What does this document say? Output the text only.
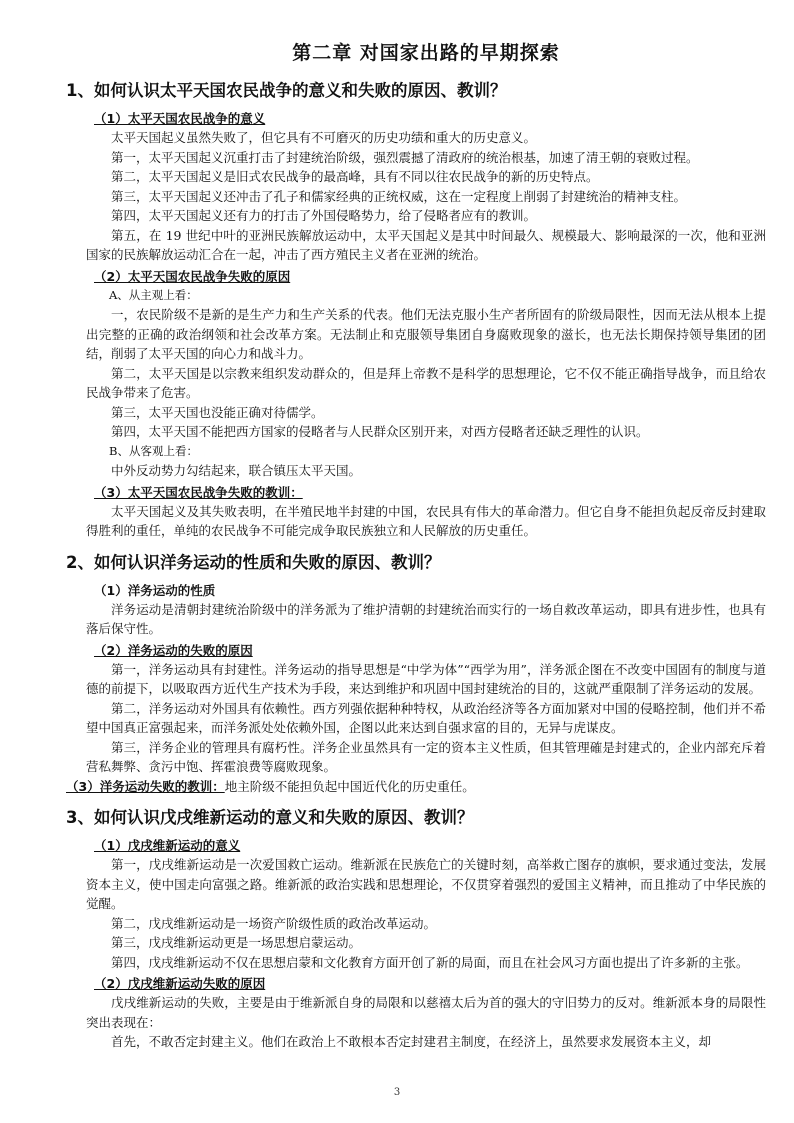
第二章 对国家出路的早期探索
1、如何认识太平天国农民战争的意义和失败的原因、教训？
（1）太平天国农民战争的意义

太平天国起义虽然失败了，但它具有不可磨灭的历史功绩和重大的历史意义。

第一，太平天国起义沉重打击了封建统治阶级，强烈震撼了清政府的统治根基，加速了清王朝的衰败过程。

第二，太平天国起义是旧式农民战争的最高峰，具有不同以往农民战争的新的历史特点。

第三，太平天国起义还冲击了孔子和儒家经典的正统权威，这在一定程度上削弱了封建统治的精神支柱。

第四，太平天国起义还有力的打击了外国侵略势力，给了侵略者应有的教训。

第五，在 19 世纪中叶的亚洲民族解放运动中，太平天国起义是其中时间最久、规模最大、影响最深的一次，他和亚洲国家的民族解放运动汇合在一起，冲击了西方殖民主义者在亚洲的统治。

（2）太平天国农民战争失败的原因

A、从主观上看：

一，农民阶级不是新的是生产力和生产关系的代表。他们无法克服小生产者所固有的阶级局限性，因而无法从根本上提出完整的正确的政治纲领和社会改革方案。无法制止和克服领导集团自身腐败现象的滋长，也无法长期保持领导集团的团结，削弱了太平天国的向心力和战斗力。

第二，太平天国是以宗教来组织发动群众的，但是拜上帝教不是科学的思想理论，它不仅不能正确指导战争，而且给农民战争带来了危害。

第三，太平天国也没能正确对待儒学。

第四，太平天国不能把西方国家的侵略者与人民群众区别开来，对西方侵略者还缺乏理性的认识。

B、从客观上看：

中外反动势力勾结起来，联合镇压太平天国。

（3）太平天国农民战争失败的教训：

太平天国起义及其失败表明，在半殖民地半封建的中国，农民具有伟大的革命潜力。但它自身不能担负起反帝反封建取得胜利的重任，单纯的农民战争不可能完成争取民族独立和人民解放的历史重任。

2、如何认识洋务运动的性质和失败的原因、教训？
（1）洋务运动的性质

洋务运动是清朝封建统治阶级中的洋务派为了维护清朝的封建统治而实行的一场自救改革运动，即具有进步性，也具有落后保守性。

（2）洋务运动的失败的原因

第一，洋务运动具有封建性。洋务运动的指导思想是“中学为体”“西学为用”，洋务派企图在不改变中国固有的制度与道德的前提下，以吸取西方近代生产技术为手段，来达到维护和巩固中国封建统治的目的，这就严重限制了洋务运动的发展。

第二，洋务运动对外国具有依赖性。西方列强依据种种特权，从政治经济等各方面加紧对中国的侵略控制，他们并不希望中国真正富强起来，而洋务派处处依赖外国，企图以此来达到自强求富的目的，无异与虎谋皮。

第三，洋务企业的管理具有腐朽性。洋务企业虽然具有一定的资本主义性质，但其管理確是封建式的，企业内部充斥着营私舞弊、贪污中饱、挥霍浪费等腐败现象。

（3）洋务运动失败的教训：地主阶级不能担负起中国近代化的历史重任。
3、如何认识戊戌维新运动的意义和失败的原因、教训？
（1）戊戌维新运动的意义

第一，戊戌维新运动是一次爱国救亡运动。维新派在民族危亡的关键时刻，高举救亡图存的旗帜，要求通过变法，发展资本主义，使中国走向富强之路。维新派的政治实践和思想理论，不仅贯穿着强烈的爱国主义精神，而且推动了中华民族的觉醒。

第二，戊戌维新运动是一场资产阶级性质的政治改革运动。

第三，戊戌维新运动更是一场思想启蒙运动。

第四，戊戌维新运动不仅在思想启蒙和文化教育方面开创了新的局面，而且在社会风习方面也提出了许多新的主张。

（2）戊戌维新运动失败的原因

戊戌维新运动的失败，主要是由于维新派自身的局限和以慈禧太后为首的强大的守旧势力的反对。维新派本身的局限性突出表现在：

首先，不敢否定封建主义。他们在政治上不敢根本否定封建君主制度，在经济上，虽然要求发展资本主义，却

3
